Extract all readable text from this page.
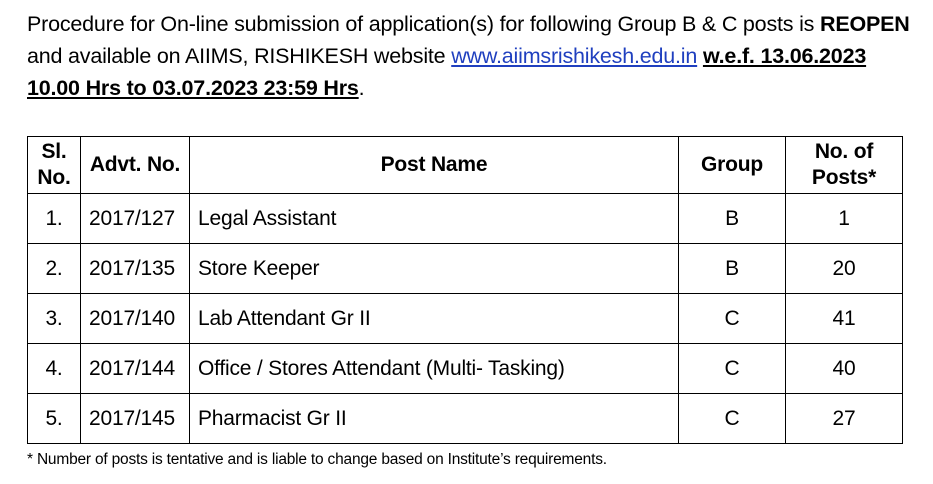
Procedure for On-line submission of application(s) for following Group B & C posts is REOPEN and available on AIIMS, RISHIKESH website www.aiimsrishikesh.edu.in w.e.f. 13.06.2023 10.00 Hrs to 03.07.2023 23:59 Hrs.
Sl. No.	Advt. No.	Post Name	Group	No. of Posts*
1.	2017/127	Legal Assistant	B	1
2.	2017/135	Store Keeper	B	20
3.	2017/140	Lab Attendant Gr II	C	41
4.	2017/144	Office / Stores Attendant (Multi- Tasking)	C	40
5.	2017/145	Pharmacist Gr II	C	27
* Number of posts is tentative and is liable to change based on Institute’s requirements.
